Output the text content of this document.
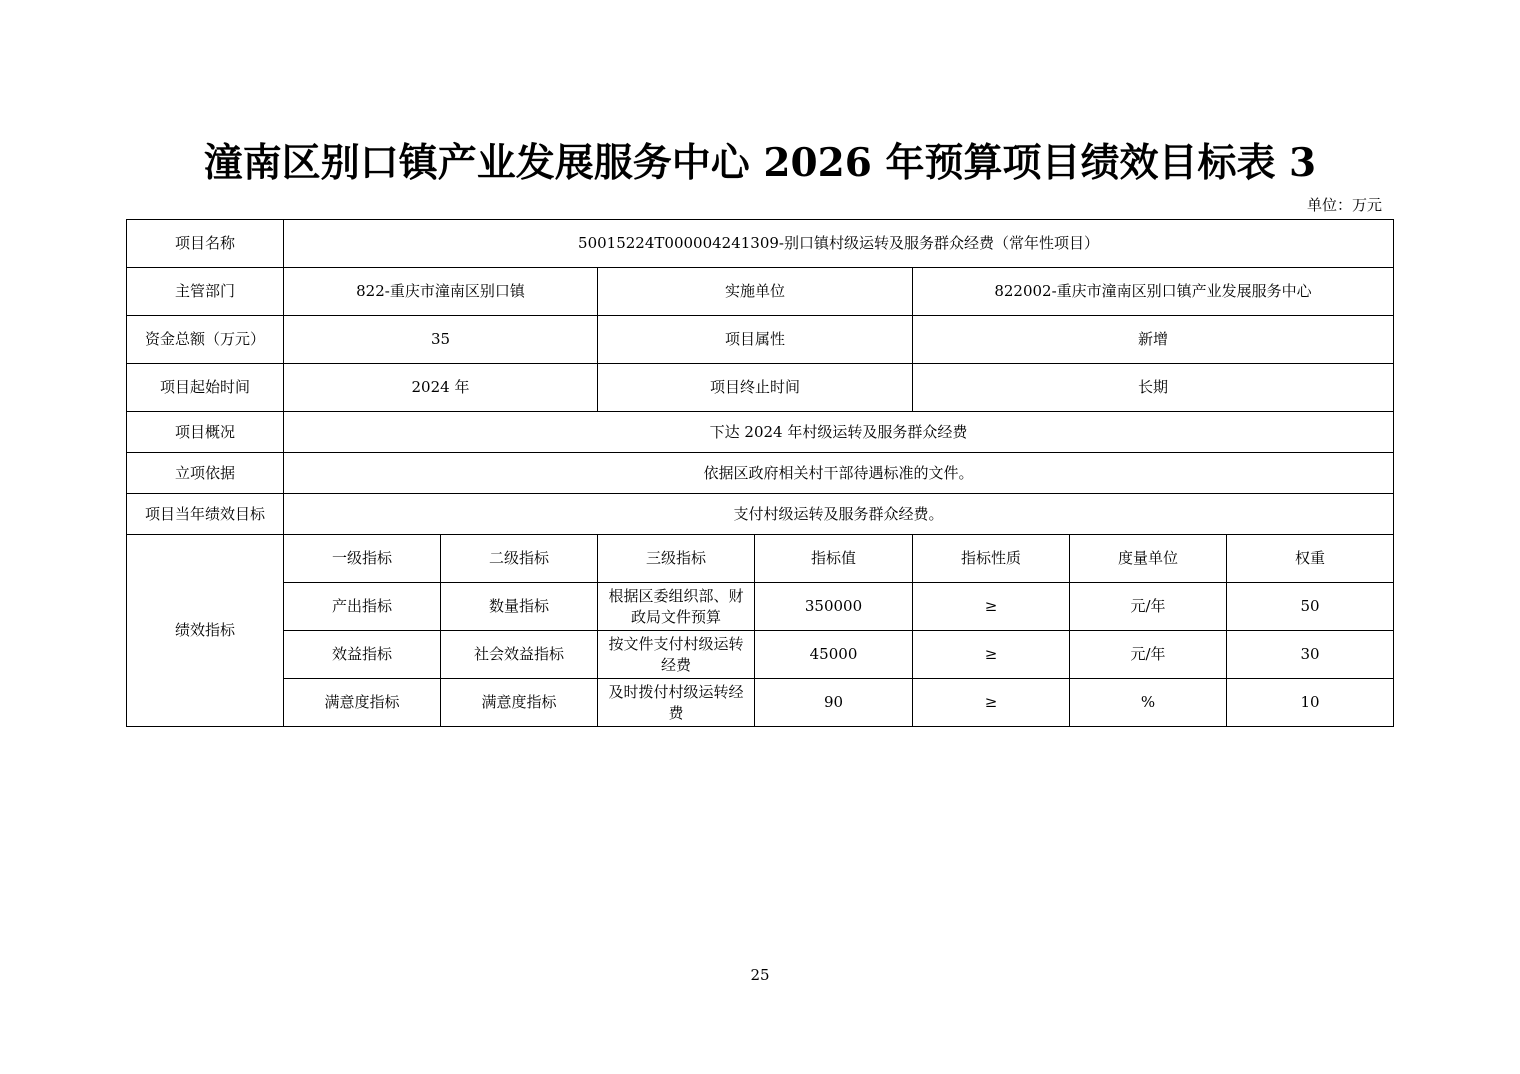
潼南区别口镇产业发展服务中心 2026 年预算项目绩效目标表 3
单位：万元
项目名称	50015224T000004241309-别口镇村级运转及服务群众经费（常年性项目）						
主管部门	822-重庆市潼南区别口镇		实施单位		822002-重庆市潼南区别口镇产业发展服务中心		
资金总额（万元）	35		项目属性		新增		
项目起始时间	2024 年		项目终止时间		长期		
项目概况	下达 2024 年村级运转及服务群众经费						
立项依据	依据区政府相关村干部待遇标准的文件。						
项目当年绩效目标	支付村级运转及服务群众经费。						
绩效指标	一级指标	二级指标	三级指标	指标值	指标性质	度量单位	权重
	产出指标	数量指标	根据区委组织部、财政局文件预算	350000	≥	元/年	50
	效益指标	社会效益指标	按文件支付村级运转经费	45000	≥	元/年	30
	满意度指标	满意度指标	及时拨付村级运转经费	90	≥	%	10
25
